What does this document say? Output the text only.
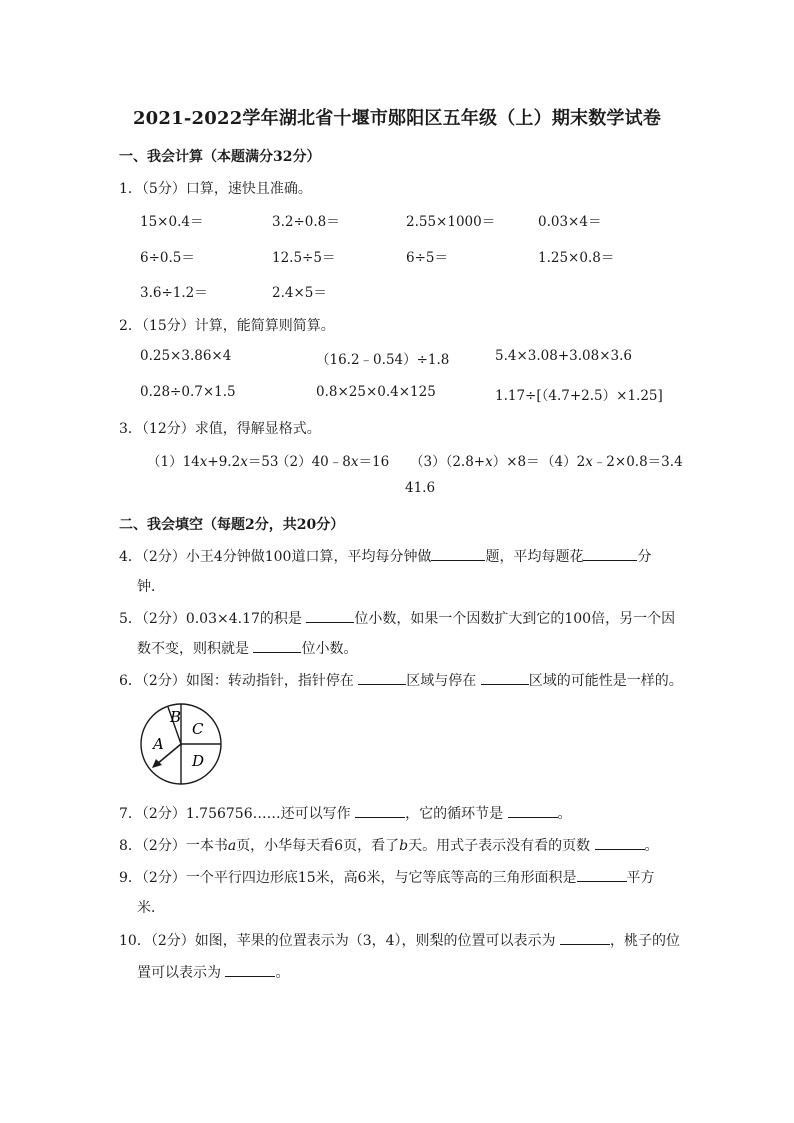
2021-2022学年湖北省十堰市郧阳区五年级（上）期末数学试卷
一、我会计算（本题满分32分）
1．（5分）口算，速快且准确。
15×0.4＝	3.2÷0.8＝	2.55×1000＝	0.03×4＝
6÷0.5＝	12.5÷5＝	6÷5＝	1.25×0.8＝
3.6÷1.2＝	2.4×5＝
2．（15分）计算，能简算则简算。
0.25×3.86×4	（16.2﹣0.54）÷1.8	5.4×3.08+3.08×3.6
0.28÷0.7×1.5	0.8×25×0.4×125	1.17÷[（4.7+2.5）×1.25]
3．（12分）求值，得解显格式。
（1）14x+9.2x＝53
（2）40﹣8x＝16 （3）（2.8+x）×8＝ （4）2x﹣2×0.8＝3.4
41.6
二、我会填空（每题2分，共20分）
4．（2分）小王4分钟做100道口算，平均每分钟做	题，平均每题花	分
钟．
5．（2分）0.03×4.17的积是	位小数，如果一个因数扩大到它的100倍，另一个因
数不变，则积就是	位小数。
6．（2分）如图：转动指针，指针停在	区域与停在	区域的可能性是一样的。
A
B
C
D
7．（2分）1.756756……还可以写作	，它的循环节是	。
8．（2分）一本书a页，小华每天看6页，看了b天。用式子表示没有看的页数	。
9．（2分）一个平行四边形底15米，高6米，与它等底等高的三角形面积是	平方
米．
10．（2分）如图，苹果的位置表示为（3，4），则梨的位置可以表示为	，桃子的位
置可以表示为	。
